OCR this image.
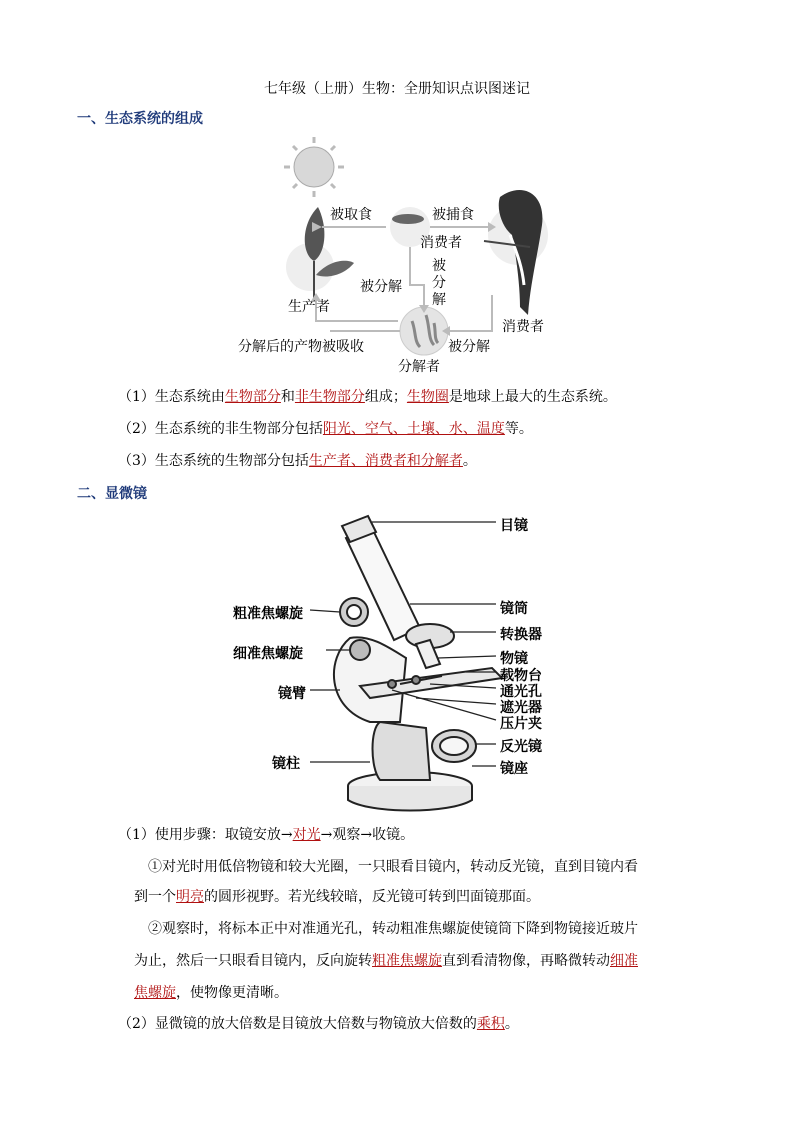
七年级（上册）生物：全册知识点识图迷记
一、生态系统的组成
被取食	被捕食
消费者
被
分
解
被分解
生产者
消费者
分解后的产物被吸收
分解者
被分解
（1）生态系统由生物部分和非生物部分组成；生物圈是地球上最大的生态系统。
（2）生态系统的非生物部分包括阳光、空气、土壤、水、温度等。
（3）生态系统的生物部分包括生产者、消费者和分解者。
二、显微镜
目镜
镜筒
转换器
物镜
载物台
通光孔
遮光器
压片夹
反光镜
镜座
粗准焦螺旋
细准焦螺旋
镜臂
镜柱
（1）使用步骤：取镜安放→对光→观察→收镜。
①对光时用低倍物镜和较大光圈，一只眼看目镜内，转动反光镜，直到目镜内看
到一个明亮的圆形视野。若光线较暗，反光镜可转到凹面镜那面。
②观察时，将标本正中对准通光孔，转动粗准焦螺旋使镜筒下降到物镜接近玻片
为止，然后一只眼看目镜内，反向旋转粗准焦螺旋直到看清物像，再略微转动细准
焦螺旋，使物像更清晰。
（2）显微镜的放大倍数是目镜放大倍数与物镜放大倍数的乘积。
